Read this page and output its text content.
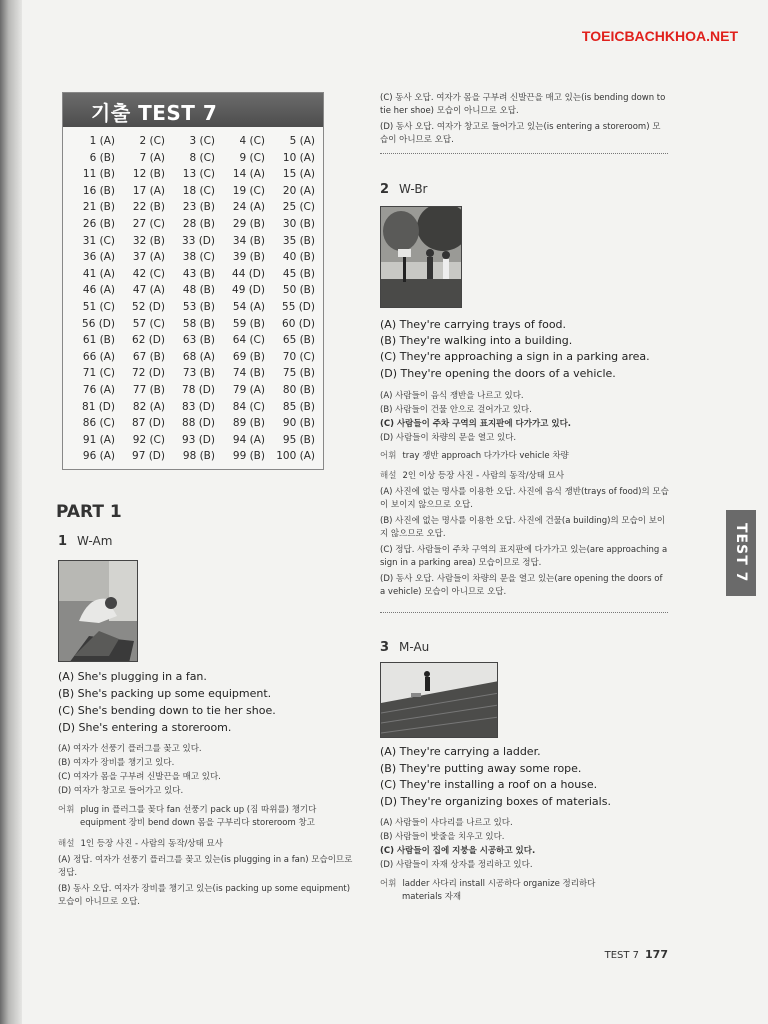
TOEICBACHKHOA.NET
기출 TEST 7
1 (A)	2 (C)	3 (C)	4 (C)	5 (A)
6 (B)	7 (A)	8 (C)	9 (C)	10 (A)
11 (B)	12 (B)	13 (C)	14 (A)	15 (A)
16 (B)	17 (A)	18 (C)	19 (C)	20 (A)
21 (B)	22 (B)	23 (B)	24 (A)	25 (C)
26 (B)	27 (C)	28 (B)	29 (B)	30 (B)
31 (C)	32 (B)	33 (D)	34 (B)	35 (B)
36 (A)	37 (A)	38 (C)	39 (B)	40 (B)
41 (A)	42 (C)	43 (B)	44 (D)	45 (B)
46 (A)	47 (A)	48 (B)	49 (D)	50 (B)
51 (C)	52 (D)	53 (B)	54 (A)	55 (D)
56 (D)	57 (C)	58 (B)	59 (B)	60 (D)
61 (B)	62 (D)	63 (B)	64 (C)	65 (B)
66 (A)	67 (B)	68 (A)	69 (B)	70 (C)
71 (C)	72 (D)	73 (B)	74 (B)	75 (B)
76 (A)	77 (B)	78 (D)	79 (A)	80 (B)
81 (D)	82 (A)	83 (D)	84 (C)	85 (B)
86 (C)	87 (D)	88 (D)	89 (B)	90 (B)
91 (A)	92 (C)	93 (D)	94 (A)	95 (B)
96 (A)	97 (D)	98 (B)	99 (B)	100 (A)
PART 1
1 W-Am
(A) She's plugging in a fan.
(B) She's packing up some equipment.
(C) She's bending down to tie her shoe.
(D) She's entering a storeroom.
(A) 여자가 선풍기 플러그를 꽂고 있다.
(B) 여자가 장비를 챙기고 있다.
(C) 여자가 몸을 구부려 신발끈을 매고 있다.
(D) 여자가 창고로 들어가고 있다.
어휘 plug in 플러그를 꽂다 fan 선풍기 pack up (짐 따위를) 챙기다
equipment 장비 bend down 몸을 구부리다 storeroom 창고
해설 1인 등장 사진 - 사람의 동작/상태 묘사
(A) 정답. 여자가 선풍기 플러그를 꽂고 있는(is plugging in a fan) 모습이므로 정답.
(B) 동사 오답. 여자가 장비를 챙기고 있는(is packing up some equipment) 모습이 아니므로 오답.
(C) 동사 오답. 여자가 몸을 구부려 신발끈을 매고 있는(is bending down to tie her shoe) 모습이 아니므로 오답.
(D) 동사 오답. 여자가 창고로 들어가고 있는(is entering a storeroom) 모습이 아니므로 오답.
2 W-Br
(A) They're carrying trays of food.
(B) They're walking into a building.
(C) They're approaching a sign in a parking area.
(D) They're opening the doors of a vehicle.
(A) 사람들이 음식 쟁반을 나르고 있다.
(B) 사람들이 건물 안으로 걸어가고 있다.
(C) 사람들이 주차 구역의 표지판에 다가가고 있다.
(D) 사람들이 차량의 문을 열고 있다.
어휘 tray 쟁반 approach 다가가다 vehicle 차량
해설 2인 이상 등장 사진 - 사람의 동작/상태 묘사
(A) 사진에 없는 명사를 이용한 오답. 사진에 음식 쟁반(trays of food)의 모습이 보이지 않으므로 오답.
(B) 사진에 없는 명사를 이용한 오답. 사진에 건물(a building)의 모습이 보이지 않으므로 오답.
(C) 정답. 사람들이 주차 구역의 표지판에 다가가고 있는(are approaching a sign in a parking area) 모습이므로 정답.
(D) 동사 오답. 사람들이 차량의 문을 열고 있는(are opening the doors of a vehicle) 모습이 아니므로 오답.
3 M-Au
(A) They're carrying a ladder.
(B) They're putting away some rope.
(C) They're installing a roof on a house.
(D) They're organizing boxes of materials.
(A) 사람들이 사다리를 나르고 있다.
(B) 사람들이 밧줄을 치우고 있다.
(C) 사람들이 집에 지붕을 시공하고 있다.
(D) 사람들이 자재 상자를 정리하고 있다.
어휘 ladder 사다리 install 시공하다 organize 정리하다
materials 자재
TEST 7
TEST 7 177
